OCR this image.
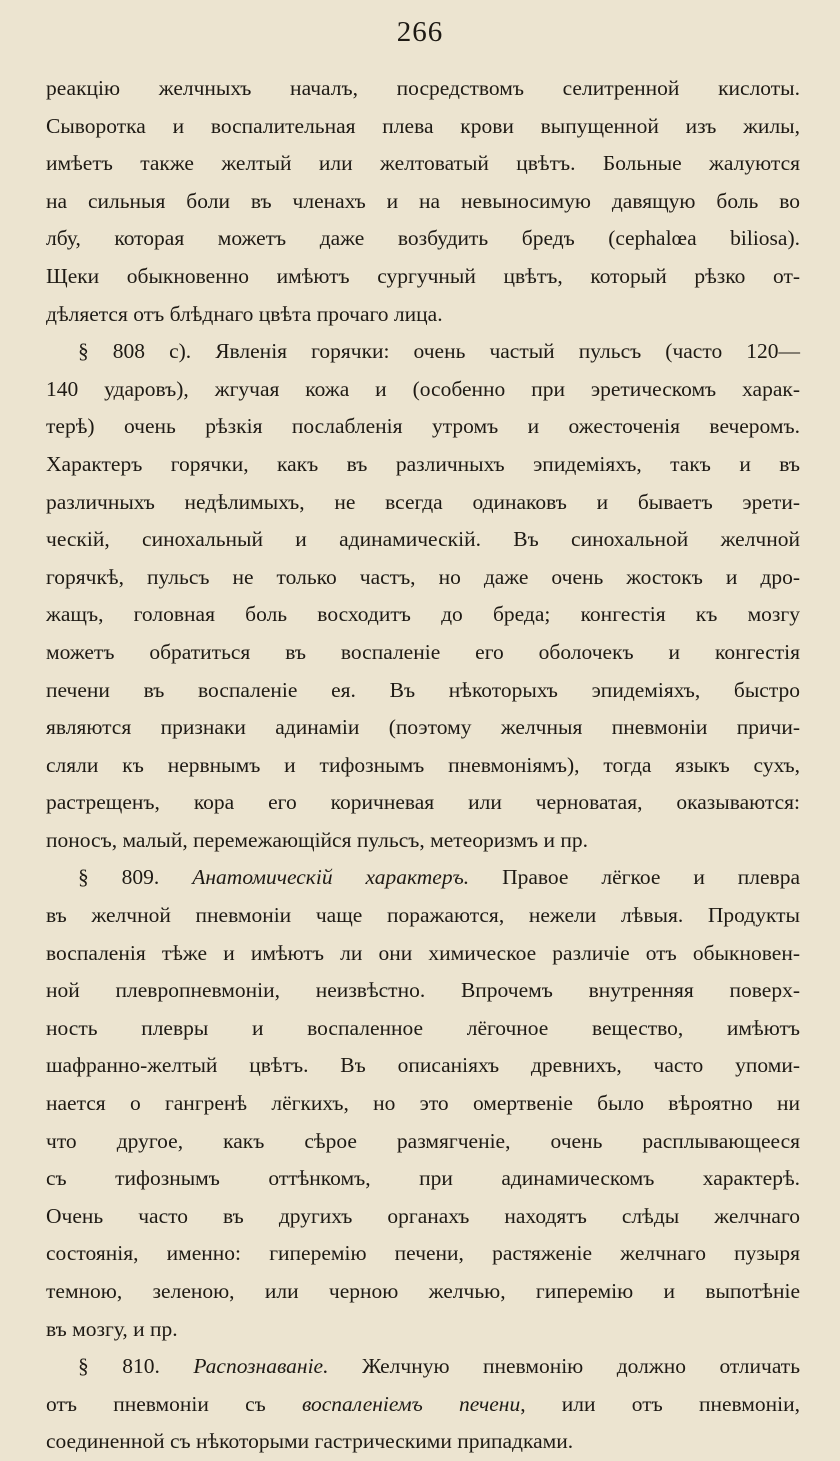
266
реакцію желчныхъ началъ, посредствомъ селитренной кислоты.
Сыворотка и воспалительная плева крови выпущенной изъ жилы,
имѣетъ также желтый или желтоватый цвѣтъ. Больные жалуются
на сильныя боли въ членахъ и на невыносимую давящую боль во
лбу, которая можетъ даже возбудить бредъ (cephalœa biliosa).
Щеки обыкновенно имѣютъ сургучный цвѣтъ, который рѣзко от-
дѣляется отъ блѣднаго цвѣта прочаго лица.
§ 808 c). Явленія горячки: очень частый пульсъ (часто 120—
140 ударовъ), жгучая кожа и (особенно при эретическомъ харак-
терѣ) очень рѣзкія послабленія утромъ и ожесточенія вечеромъ.
Характеръ горячки, какъ въ различныхъ эпидеміяхъ, такъ и въ
различныхъ недѣлимыхъ, не всегда одинаковъ и бываетъ эрети-
ческій, синохальный и адинамическій. Въ синохальной желчной
горячкѣ, пульсъ не только частъ, но даже очень жостокъ и дро-
жащъ, головная боль восходитъ до бреда; конгестія къ мозгу
можетъ обратиться въ воспаленіе его оболочекъ и конгестія
печени въ воспаленіе ея. Въ нѣкоторыхъ эпидеміяхъ, быстро
являются признаки адинаміи (поэтому желчныя пневмоніи причи-
сляли къ нервнымъ и тифознымъ пневмоніямъ), тогда языкъ сухъ,
растрещенъ, кора его коричневая или черноватая, оказываются:
поносъ, малый, перемежающійся пульсъ, метеоризмъ и пр.
§ 809. Анатомическій характеръ. Правое лёгкое и плевра
въ желчной пневмоніи чаще поражаются, нежели лѣвыя. Продукты
воспаленія тѣже и имѣютъ ли они химическое различіе отъ обыкновен-
ной плевропневмоніи, неизвѣстно. Впрочемъ внутренняя поверх-
ность плевры и воспаленное лёгочное вещество, имѣютъ
шафранно-желтый цвѣтъ. Въ описаніяхъ древнихъ, часто упоми-
нается о гангренѣ лёгкихъ, но это омертвеніе было вѣроятно ни
что другое, какъ сѣрое размягченіе, очень расплывающееся
съ тифознымъ оттѣнкомъ, при адинамическомъ характерѣ.
Очень часто въ другихъ органахъ находятъ слѣды желчнаго
состоянія, именно: гиперемію печени, растяженіе желчнаго пузыря
темною, зеленою, или черною желчью, гиперемію и выпотѣніе
въ мозгу, и пр.
§ 810. Распознаваніе. Желчную пневмонію должно отличать
отъ пневмоніи съ воспаленіемъ печени, или отъ пневмоніи,
соединенной съ нѣкоторыми гастрическими припадками.
